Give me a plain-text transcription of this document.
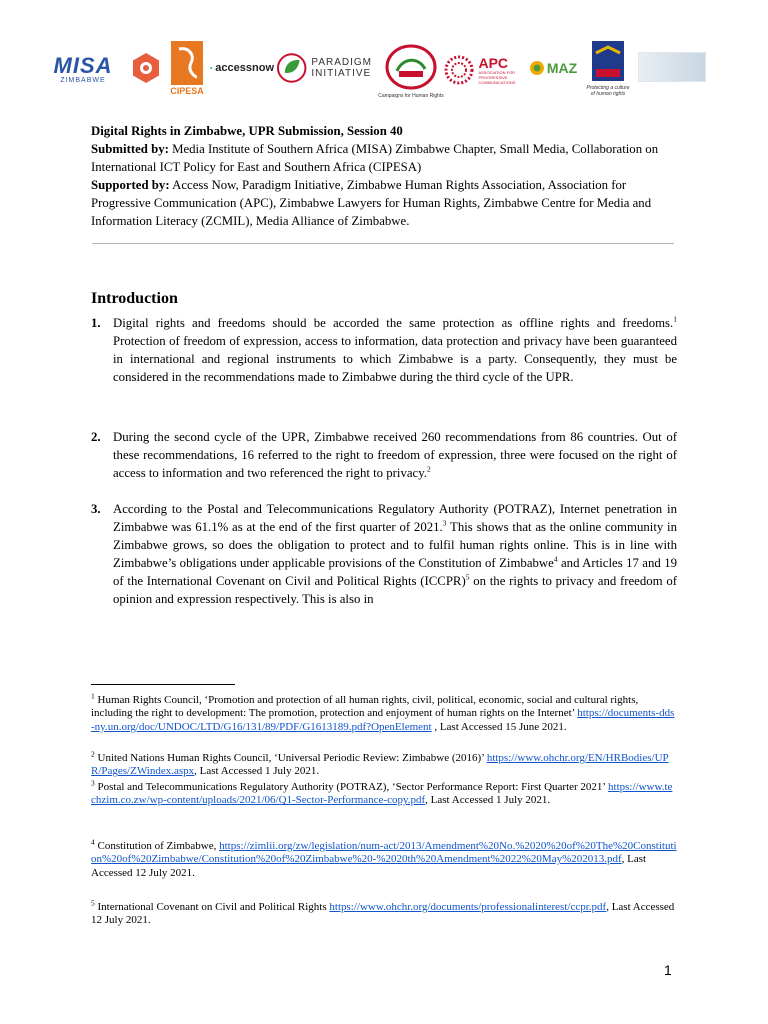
MISA
ZIMBABWE
CIPESA
accessnow	PARADIGM
INITIATIVE
Campaigns for Human Rights
APC
ASSOCIATION FOR
PROGRESSIVE
COMMUNICATIONS
MAZ
Protecting a culture of human rights

Digital Rights in Zimbabwe, UPR Submission, Session 40

Submitted by: Media Institute of Southern Africa (MISA) Zimbabwe Chapter, Small Media, Collaboration on International ICT Policy for East and Southern Africa (CIPESA)

Supported by: Access Now, Paradigm Initiative, Zimbabwe Human Rights Association, Association for Progressive Communication (APC), Zimbabwe Lawyers for Human Rights, Zimbabwe Centre for Media and Information Literacy (ZCMIL), Media Alliance of Zimbabwe.

Introduction
1. Digital rights and freedoms should be accorded the same protection as offline rights and freedoms.$^1$ Protection of freedom of expression, access to information, data protection and privacy have been guaranteed in international and regional instruments to which Zimbabwe is a party. Consequently, they must be considered in the recommendations made to Zimbabwe during the third cycle of the UPR.
2. During the second cycle of the UPR, Zimbabwe received 260 recommendations from 86 countries. Out of these recommendations, 16 referred to the right to freedom of expression, three were focused on the right of access to information and two referenced the right to privacy.$^2$
3. According to the Postal and Telecommunications Regulatory Authority (POTRAZ), Internet penetration in Zimbabwe was 61.1% as at the end of the first quarter of 2021.$^3$ This shows that as the online community in Zimbabwe grows, so does the obligation to protect and to fulfil human rights online. This is in line with Zimbabwe’s obligations under applicable provisions of the Constitution of Zimbabwe$^4$ and Articles 17 and 19 of the International Covenant on Civil and Political Rights (ICCPR)$^5$ on the rights to privacy and freedom of opinion and expression respectively. This is also in
$^1$ Human Rights Council, ‘Promotion and protection of all human rights, civil, political, economic, social and cultural rights, including the right to development: The promotion, protection and enjoyment of human rights on the Internet’ https://documents-dds-ny.un.org/doc/UNDOC/LTD/G16/131/89/PDF/G1613189.pdf?OpenElement , Last Accessed 15 June 2021.
$^2$ United Nations Human Rights Council, ‘Universal Periodic Review: Zimbabwe (2016)’ https://www.ohchr.org/EN/HRBodies/UPR/Pages/ZWindex.aspx, Last Accessed 1 July 2021.
$^3$ Postal and Telecommunications Regulatory Authority (POTRAZ), ‘Sector Performance Report: First Quarter 2021’ https://www.techzim.co.zw/wp-content/uploads/2021/06/Q1-Sector-Performance-copy.pdf, Last Accessed 1 July 2021.
$^4$ Constitution of Zimbabwe, https://zimlii.org/zw/legislation/num-act/2013/Amendment%20No.%2020%20of%20The%20Constitution%20of%20Zimbabwe/Constitution%20of%20Zimbabwe%20-%2020th%20Amendment%2022%20May%202013.pdf, Last Accessed 12 July 2021.
$^5$ International Covenant on Civil and Political Rights https://www.ohchr.org/documents/professionalinterest/ccpr.pdf, Last Accessed 12 July 2021.
1
